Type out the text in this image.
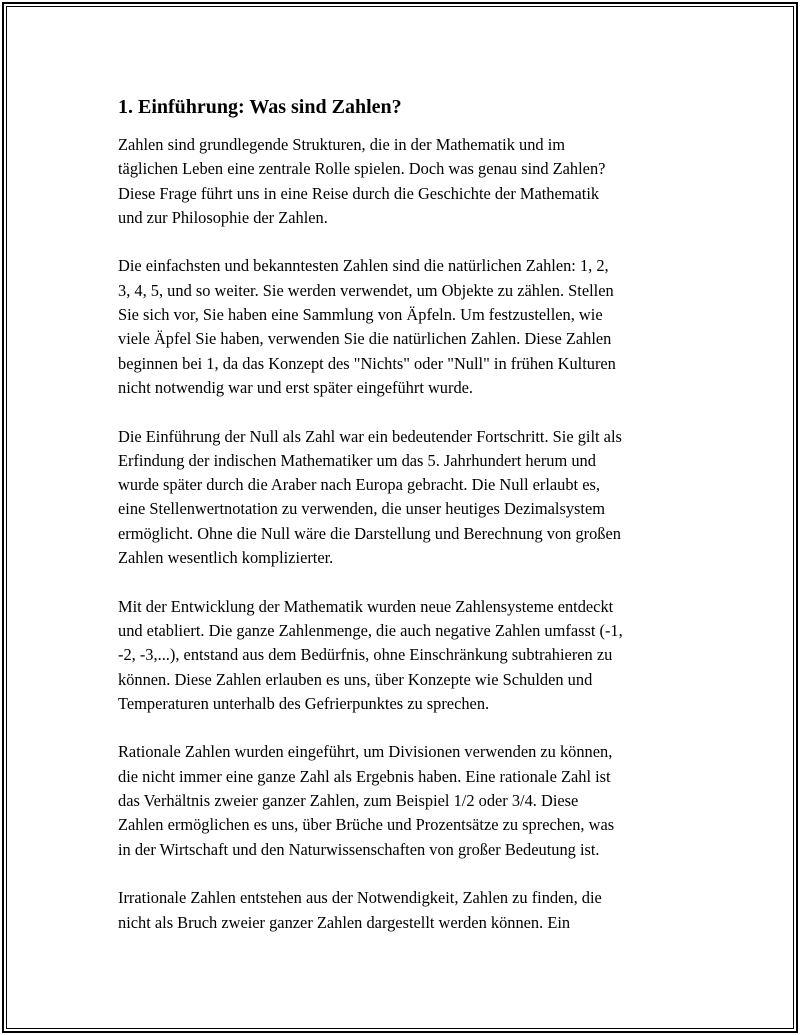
1. Einführung: Was sind Zahlen?

Zahlen sind grundlegende Strukturen, die in der Mathematik und im
täglichen Leben eine zentrale Rolle spielen. Doch was genau sind Zahlen?
Diese Frage führt uns in eine Reise durch die Geschichte der Mathematik
und zur Philosophie der Zahlen.

Die einfachsten und bekanntesten Zahlen sind die natürlichen Zahlen: 1, 2,
3, 4, 5, und so weiter. Sie werden verwendet, um Objekte zu zählen. Stellen
Sie sich vor, Sie haben eine Sammlung von Äpfeln. Um festzustellen, wie
viele Äpfel Sie haben, verwenden Sie die natürlichen Zahlen. Diese Zahlen
beginnen bei 1, da das Konzept des "Nichts" oder "Null" in frühen Kulturen
nicht notwendig war und erst später eingeführt wurde.

Die Einführung der Null als Zahl war ein bedeutender Fortschritt. Sie gilt als
Erfindung der indischen Mathematiker um das 5. Jahrhundert herum und
wurde später durch die Araber nach Europa gebracht. Die Null erlaubt es,
eine Stellenwertnotation zu verwenden, die unser heutiges Dezimalsystem
ermöglicht. Ohne die Null wäre die Darstellung und Berechnung von großen
Zahlen wesentlich komplizierter.

Mit der Entwicklung der Mathematik wurden neue Zahlensysteme entdeckt
und etabliert. Die ganze Zahlenmenge, die auch negative Zahlen umfasst (-1,
-2, -3,...), entstand aus dem Bedürfnis, ohne Einschränkung subtrahieren zu
können. Diese Zahlen erlauben es uns, über Konzepte wie Schulden und
Temperaturen unterhalb des Gefrierpunktes zu sprechen.

Rationale Zahlen wurden eingeführt, um Divisionen verwenden zu können,
die nicht immer eine ganze Zahl als Ergebnis haben. Eine rationale Zahl ist
das Verhältnis zweier ganzer Zahlen, zum Beispiel 1/2 oder 3/4. Diese
Zahlen ermöglichen es uns, über Brüche und Prozentsätze zu sprechen, was
in der Wirtschaft und den Naturwissenschaften von großer Bedeutung ist.

Irrationale Zahlen entstehen aus der Notwendigkeit, Zahlen zu finden, die
nicht als Bruch zweier ganzer Zahlen dargestellt werden können. Ein
